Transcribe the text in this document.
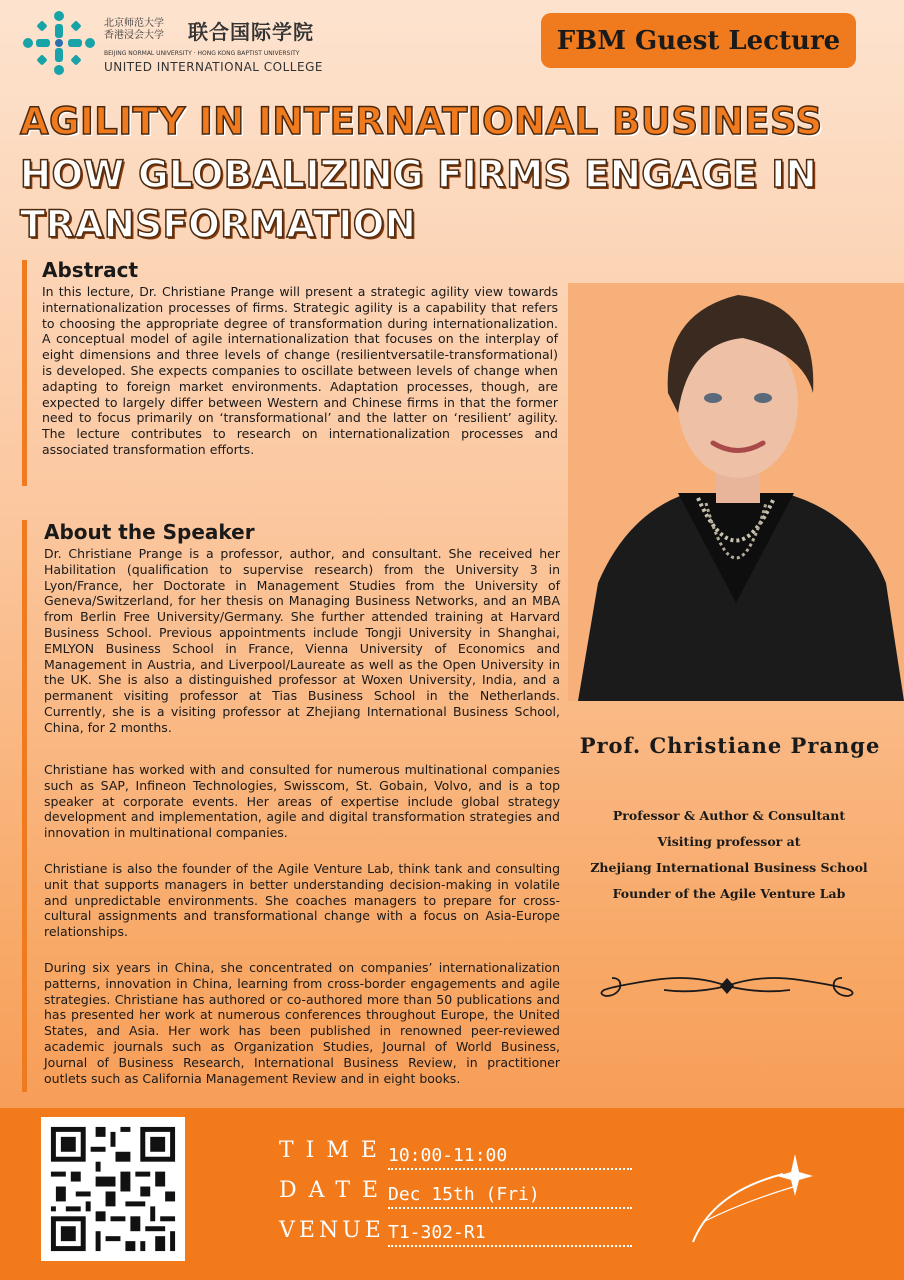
北京师范大学
香港浸会大学 联合国际学院
BEIJING NORMAL UNIVERSITY · HONG KONG BAPTIST UNIVERSITY
UNITED INTERNATIONAL COLLEGE
FBM Guest Lecture
AGILITY IN INTERNATIONAL BUSINESS
HOW GLOBALIZING FIRMS ENGAGE IN TRANSFORMATION
Abstract

In this lecture, Dr. Christiane Prange will present a strategic agility view towards internationalization processes of firms. Strategic agility is a capability that refers to choosing the appropriate degree of transformation during internationalization. A conceptual model of agile internationalization that focuses on the interplay of eight dimensions and three levels of change (resilientversatile-transformational) is developed. She expects companies to oscillate between levels of change when adapting to foreign market environments. Adaptation processes, though, are expected to largely differ between Western and Chinese firms in that the former need to focus primarily on ‘transformational’ and the latter on ‘resilient’ agility. The lecture contributes to research on internationalization processes and associated transformation efforts.

About the Speaker

Dr. Christiane Prange is a professor, author, and consultant. She received her Habilitation (qualification to supervise research) from the University 3 in Lyon/France, her Doctorate in Management Studies from the University of Geneva/Switzerland, for her thesis on Managing Business Networks, and an MBA from Berlin Free University/Germany. She further attended training at Harvard Business School. Previous appointments include Tongji University in Shanghai, EMLYON Business School in France, Vienna University of Economics and Management in Austria, and Liverpool/Laureate as well as the Open University in the UK. She is also a distinguished professor at Woxen University, India, and a permanent visiting professor at Tias Business School in the Netherlands. Currently, she is a visiting professor at Zhejiang International Business School, China, for 2 months.

Christiane has worked with and consulted for numerous multinational companies such as SAP, Infineon Technologies, Swisscom, St. Gobain, Volvo, and is a top speaker at corporate events. Her areas of expertise include global strategy development and implementation, agile and digital transformation strategies and innovation in multinational companies.

Christiane is also the founder of the Agile Venture Lab, think tank and consulting unit that supports managers in better understanding decision-making in volatile and unpredictable environments. She coaches managers to prepare for cross-cultural assignments and transformational change with a focus on Asia-Europe relationships.

During six years in China, she concentrated on companies’ internationalization patterns, innovation in China, learning from cross-border engagements and agile strategies. Christiane has authored or co-authored more than 50 publications and has presented her work at numerous conferences throughout Europe, the United States, and Asia. Her work has been published in renowned peer-reviewed academic journals such as Organization Studies, Journal of World Business, Journal of Business Research, International Business Review, in practitioner outlets such as California Management Review and in eight books.

Prof. Christiane Prange
Professor & Author & Consultant
Visiting professor at
Zhejiang International Business School
Founder of the Agile Venture Lab
TIME 10:00-11:00
DATE
Dec 15th (Fri)
VENUE T1-302-R1
